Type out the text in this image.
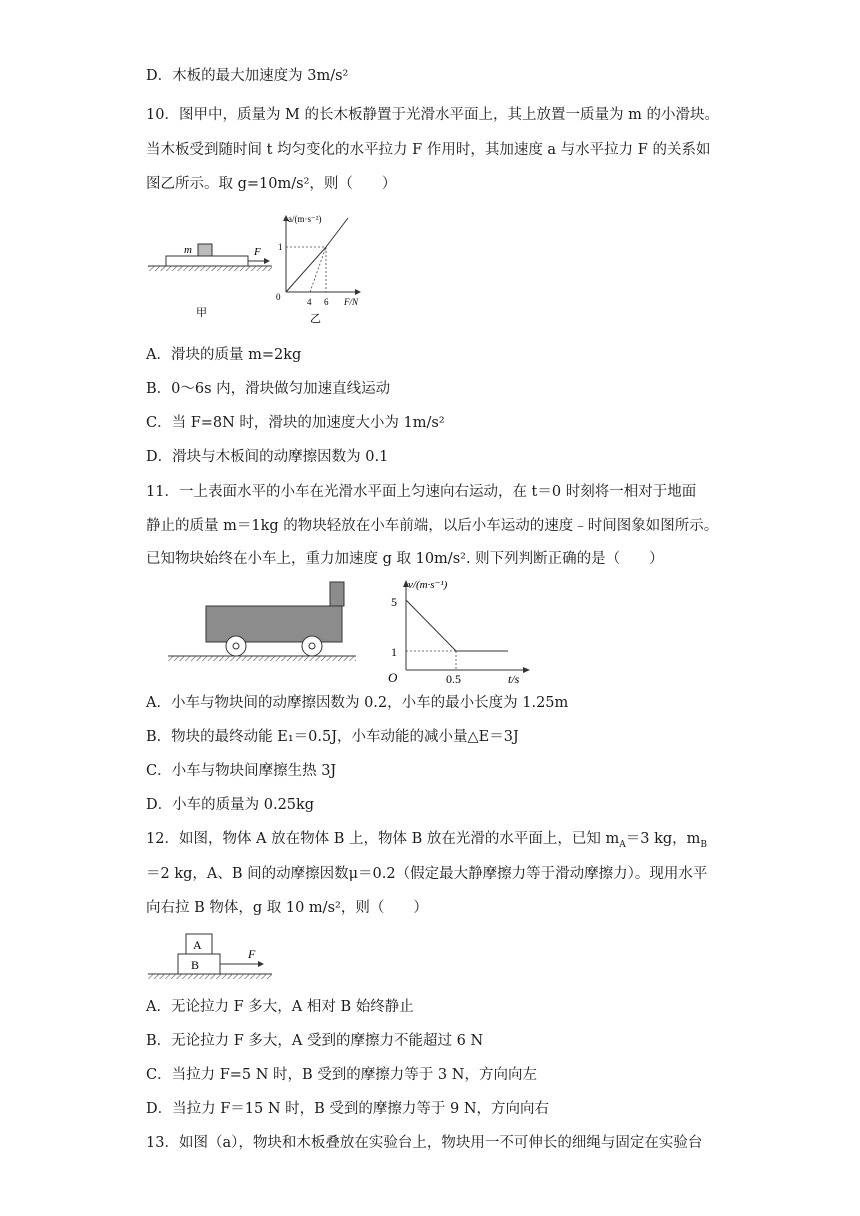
D．木板的最大加速度为 3m/s²
10．图甲中，质量为 M 的长木板静置于光滑水平面上，其上放置一质量为 m 的小滑块。
当木板受到随时间 t 均匀变化的水平拉力 F 作用时，其加速度 a 与水平拉力 F 的关系如
图乙所示。取 g=10m/s²，则（　　）
m	F
甲
a/(m·s⁻²)
F/N
0
1
4 6
乙
A．滑块的质量 m=2kg
B．0～6s 内，滑块做匀加速直线运动
C．当 F=8N 时，滑块的加速度大小为 1m/s²
D．滑块与木板间的动摩擦因数为 0.1
11．一上表面水平的小车在光滑水平面上匀速向右运动，在 t＝0 时刻将一相对于地面
静止的质量 m＝1kg 的物块轻放在小车前端，以后小车运动的速度﹣时间图象如图所示。
已知物块始终在小车上，重力加速度 g 取 10m/s². 则下列判断正确的是（　　）
v/(m·s⁻¹)
t/s
O
5
1
0.5
A．小车与物块间的动摩擦因数为 0.2，小车的最小长度为 1.25m
B．物块的最终动能 E₁＝0.5J，小车动能的减小量△E＝3J
C．小车与物块间摩擦生热 3J
D．小车的质量为 0.25kg
12．如图，物体 A 放在物体 B 上，物体 B 放在光滑的水平面上，已知 $m_A=3$ kg，$m_B$
＝2 kg，A、B 间的动摩擦因数μ＝0.2（假定最大静摩擦力等于滑动摩擦力）。现用水平
向右拉 B 物体，g 取 10 m/s²，则（　　）
A
B
F
A．无论拉力 F 多大，A 相对 B 始终静止
B．无论拉力 F 多大，A 受到的摩擦力不能超过 6 N
C．当拉力 F=5 N 时，B 受到的摩擦力等于 3 N，方向向左
D．当拉力 F＝15 N 时，B 受到的摩擦力等于 9 N，方向向右
13．如图（a），物块和木板叠放在实验台上，物块用一不可伸长的细绳与固定在实验台
